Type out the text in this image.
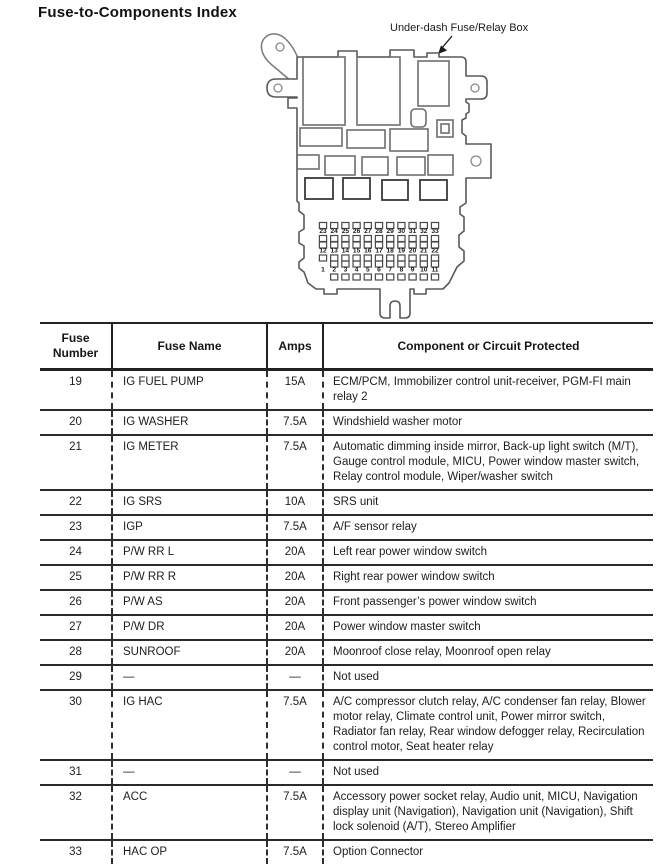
Fuse-to-Components Index
Under-dash Fuse/Relay Box
23 24 25 26 27 28 29 30 31 32 33
12 13 14 15 16 17 18 19 20 21 22
1 2 3 4 5 6 7 8 9 10 11
Fuse Number	Fuse Name	Amps	Component or Circuit Protected
19	IG FUEL PUMP	15A	ECM/PCM, Immobilizer control unit-receiver, PGM-FI main relay 2
20	IG WASHER	7.5A	Windshield washer motor
21	IG METER	7.5A	Automatic dimming inside mirror, Back-up light switch (M/T), Gauge control module, MICU, Power window master switch, Relay control module, Wiper/washer switch
22	IG SRS	10A	SRS unit
23	IGP	7.5A	A/F sensor relay
24	P/W RR L	20A	Left rear power window switch
25	P/W RR R	20A	Right rear power window switch
26	P/W AS	20A	Front passenger’s power window switch
27	P/W DR	20A	Power window master switch
28	SUNROOF	20A	Moonroof close relay, Moonroof open relay
29	—	—	Not used
30	IG HAC	7.5A	A/C compressor clutch relay, A/C condenser fan relay, Blower motor relay, Climate control unit, Power mirror switch, Radiator fan relay, Rear window defogger relay, Recirculation control motor, Seat heater relay
31	—	—	Not used
32	ACC	7.5A	Accessory power socket relay, Audio unit, MICU, Navigation display unit (Navigation), Navigation unit (Navigation), Shift lock solenoid (A/T), Stereo Amplifier
33	HAC OP	7.5A	Option Connector
